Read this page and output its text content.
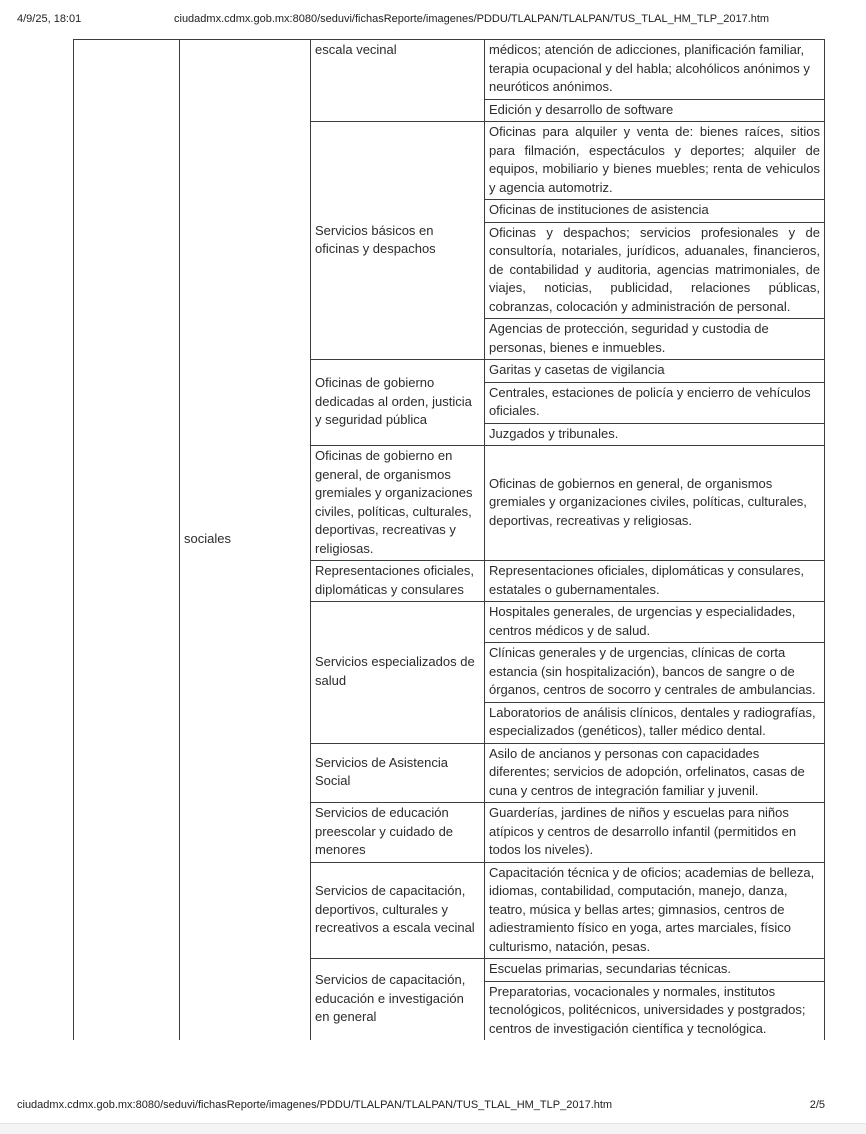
4/9/25, 18:01	ciudadmx.cdmx.gob.mx:8080/seduvi/fichasReporte/imagenes/PDDU/TLALPAN/TLALPAN/TUS_TLAL_HM_TLP_2017.htm
	sociales	escala vecinal	médicos; atención de adicciones, planificación familiar, terapia ocupacional y del habla; alcohólicos anónimos y neuróticos anónimos.
			Edición y desarrollo de software
		Servicios básicos en oficinas y despachos	Oficinas para alquiler y venta de: bienes raíces, sitios para filmación, espectáculos y deportes; alquiler de equipos, mobiliario y bienes muebles; renta de vehiculos y agencia automotriz.
			Oficinas de instituciones de asistencia
			Oficinas y despachos; servicios profesionales y de consultoría, notariales, jurídicos, aduanales, financieros, de contabilidad y auditoria, agencias matrimoniales, de viajes, noticias, publicidad, relaciones públicas, cobranzas, colocación y administración de personal.
			Agencias de protección, seguridad y custodia de personas, bienes e inmuebles.
		Oficinas de gobierno dedicadas al orden, justicia y seguridad pública	Garitas y casetas de vigilancia
			Centrales, estaciones de policía y encierro de vehículos oficiales.
			Juzgados y tribunales.
		Oficinas de gobierno en general, de organismos gremiales y organizaciones civiles, políticas, culturales, deportivas, recreativas y religiosas.	Oficinas de gobiernos en general, de organismos gremiales y organizaciones civiles, políticas, culturales, deportivas, recreativas y religiosas.
		Representaciones oficiales, diplomáticas y consulares	Representaciones oficiales, diplomáticas y consulares, estatales o gubernamentales.
		Servicios especializados de salud	Hospitales generales, de urgencias y especialidades, centros médicos y de salud.
			Clínicas generales y de urgencias, clínicas de corta estancia (sin hospitalización), bancos de sangre o de órganos, centros de socorro y centrales de ambulancias.
			Laboratorios de análisis clínicos, dentales y radiografías, especializados (genéticos), taller médico dental.
		Servicios de Asistencia Social	Asilo de ancianos y personas con capacidades diferentes; servicios de adopción, orfelinatos, casas de cuna y centros de integración familiar y juvenil.
		Servicios de educación preescolar y cuidado de menores	Guarderías, jardines de niños y escuelas para niños atípicos y centros de desarrollo infantil (permitidos en todos los niveles).
		Servicios de capacitación, deportivos, culturales y recreativos a escala vecinal	Capacitación técnica y de oficios; academias de belleza, idiomas, contabilidad, computación, manejo, danza, teatro, música y bellas artes; gimnasios, centros de adiestramiento físico en yoga, artes marciales, físico culturismo, natación, pesas.
		Servicios de capacitación, educación e investigación en general	Escuelas primarias, secundarias técnicas.
			Preparatorias, vocacionales y normales, institutos tecnológicos, politécnicos, universidades y postgrados; centros de investigación científica y tecnológica.
ciudadmx.cdmx.gob.mx:8080/seduvi/fichasReporte/imagenes/PDDU/TLALPAN/TLALPAN/TUS_TLAL_HM_TLP_2017.htm	2/5
